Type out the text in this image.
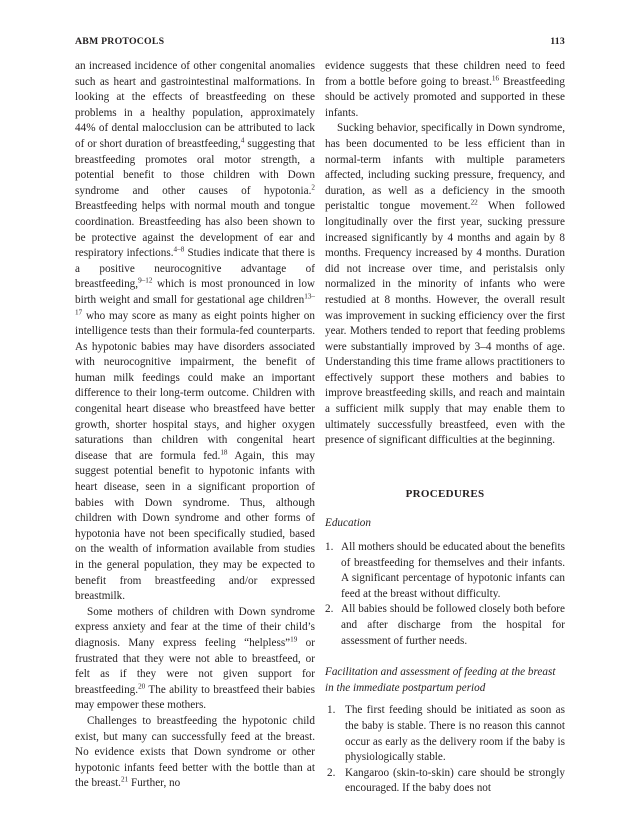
ABM PROTOCOLS	113

an increased incidence of other congenital anomalies such as heart and gastrointestinal malformations. In looking at the effects of breastfeeding on these problems in a healthy population, approximately 44% of dental malocclusion can be attributed to lack of or short duration of breastfeeding,$^4$ suggesting that breastfeeding promotes oral motor strength, a potential benefit to those children with Down syndrome and other causes of hypotonia.$^2$ Breastfeeding helps with normal mouth and tongue coordination. Breastfeeding has also been shown to be protective against the development of ear and respiratory infections.$^{4-8}$ Studies indicate that there is a positive neurocognitive advantage of breastfeeding,$^{9-12}$ which is most pronounced in low birth weight and small for gestational age children$^{13-17}$ who may score as many as eight points higher on intelligence tests than their formula-fed counterparts. As hypotonic babies may have disorders associated with neurocognitive impairment, the benefit of human milk feedings could make an important difference to their long-term outcome. Children with congenital heart disease who breastfeed have better growth, shorter hospital stays, and higher oxygen saturations than children with congenital heart disease that are formula fed.$^{18}$ Again, this may suggest potential benefit to hypotonic infants with heart disease, seen in a significant proportion of babies with Down syndrome. Thus, although children with Down syndrome and other forms of hypotonia have not been specifically studied, based on the wealth of information available from studies in the general population, they may be expected to benefit from breastfeeding and/or expressed breastmilk.

Some mothers of children with Down syndrome express anxiety and fear at the time of their child’s diagnosis. Many express feeling “helpless”$^{19}$ or frustrated that they were not able to breastfeed, or felt as if they were not given support for breastfeeding.$^{20}$ The ability to breastfeed their babies may empower these mothers.

Challenges to breastfeeding the hypotonic child exist, but many can successfully feed at the breast. No evidence exists that Down syndrome or other hypotonic infants feed better with the bottle than at the breast.$^{21}$ Further, no

evidence suggests that these children need to feed from a bottle before going to breast.$^{16}$ Breastfeeding should be actively promoted and supported in these infants.

Sucking behavior, specifically in Down syndrome, has been documented to be less efficient than in normal-term infants with multiple parameters affected, including sucking pressure, frequency, and duration, as well as a deficiency in the smooth peristaltic tongue movement.$^{22}$ When followed longitudinally over the first year, sucking pressure increased significantly by 4 months and again by 8 months. Frequency increased by 4 months. Duration did not increase over time, and peristalsis only normalized in the minority of infants who were restudied at 8 months. However, the overall result was improvement in sucking efficiency over the first year. Mothers tended to report that feeding problems were substantially improved by 3–4 months of age. Understanding this time frame allows practitioners to effectively support these mothers and babies to improve breastfeeding skills, and reach and maintain a sufficient milk supply that may enable them to ultimately successfully breastfeed, even with the presence of significant difficulties at the beginning.

PROCEDURES

Education

1. All mothers should be educated about the benefits of breastfeeding for themselves and their infants. A significant percentage of hypotonic infants can feed at the breast without difficulty.
2. All babies should be followed closely both before and after discharge from the hospital for assessment of further needs.

Facilitation and assessment of feeding at the breast in the immediate postpartum period

1. The first feeding should be initiated as soon as the baby is stable. There is no reason this cannot occur as early as the delivery room if the baby is physiologically stable.
2. Kangaroo (skin-to-skin) care should be strongly encouraged. If the baby does not
